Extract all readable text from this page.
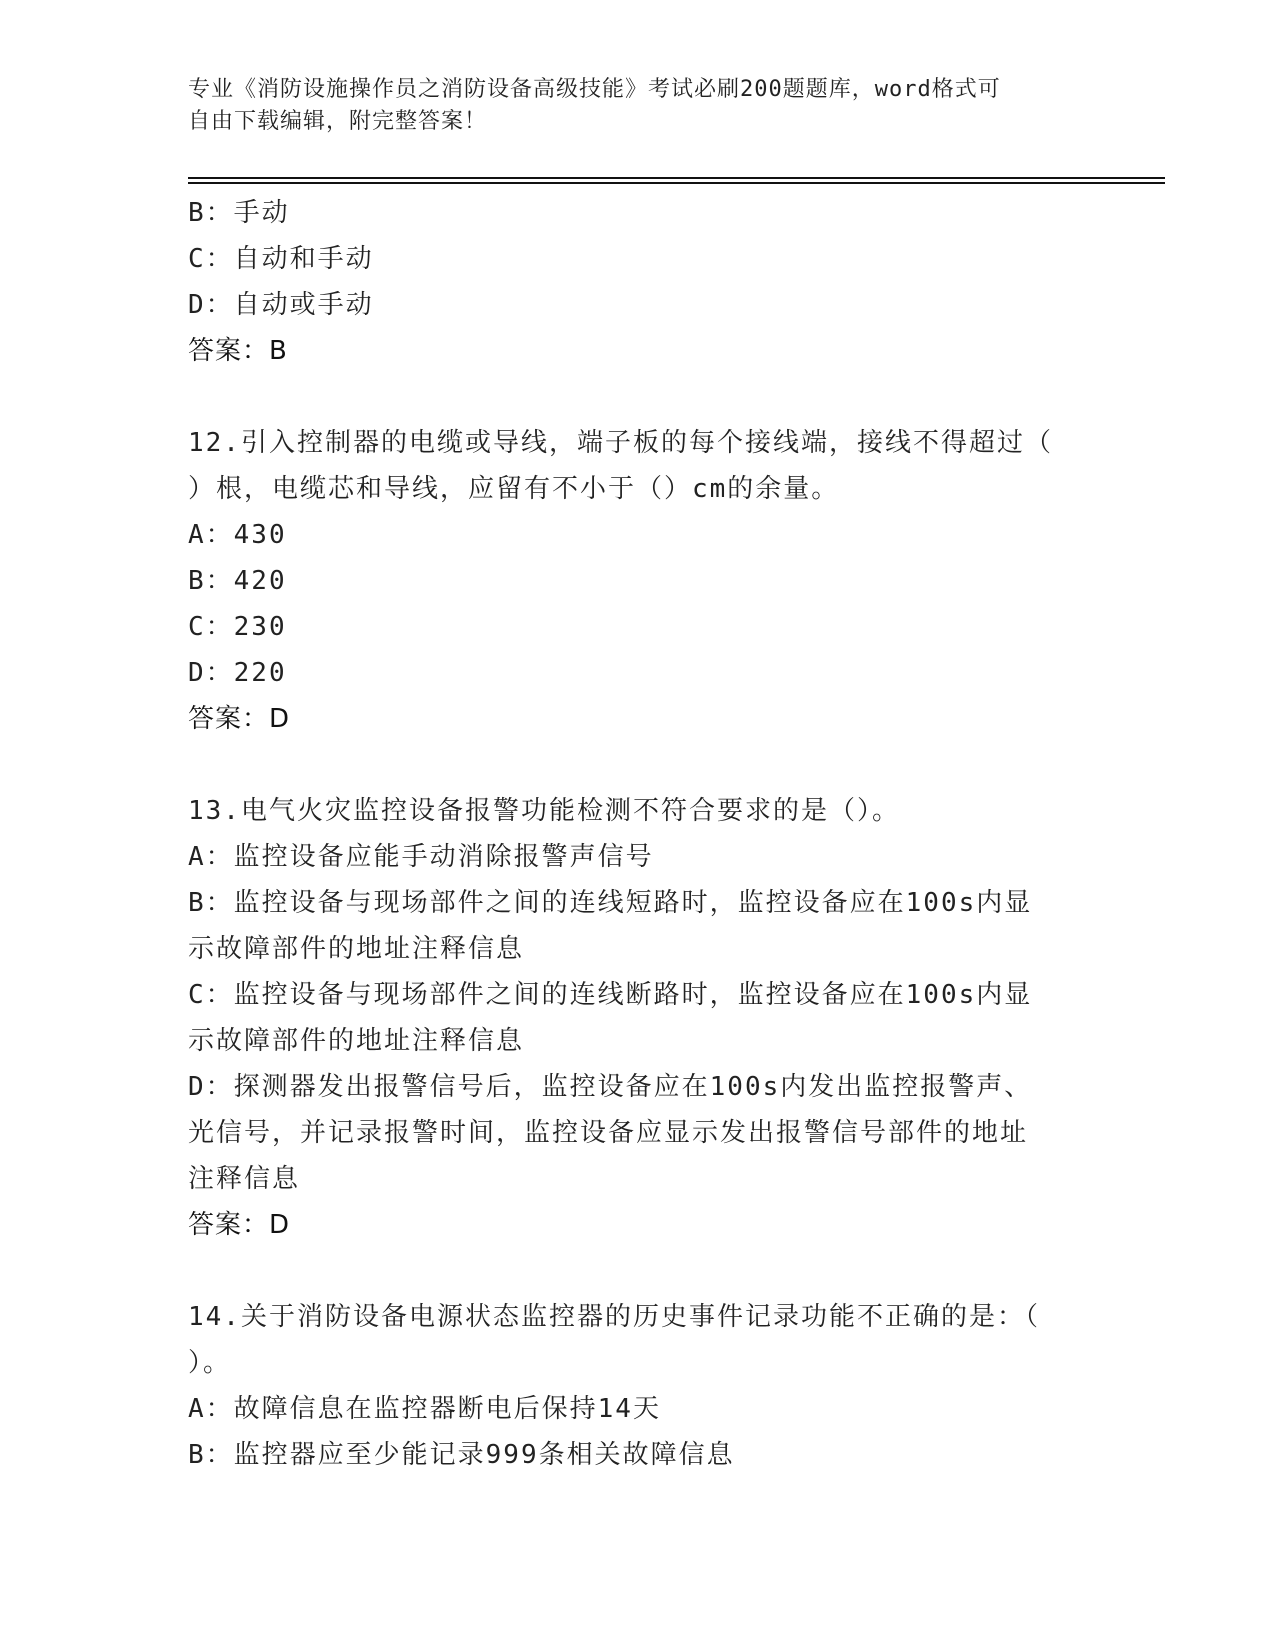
专业《消防设施操作员之消防设备高级技能》考试必刷200题题库，word格式可
自由下载编辑，附完整答案！
B：手动
C：自动和手动
D：自动或手动
答案：B
12.引入控制器的电缆或导线，端子板的每个接线端，接线不得超过（
）根，电缆芯和导线，应留有不小于（）cm的余量。
A：430
B：420
C：230
D：220
答案：D
13.电气火灾监控设备报警功能检测不符合要求的是（）。
A：监控设备应能手动消除报警声信号
B：监控设备与现场部件之间的连线短路时，监控设备应在100s内显
示故障部件的地址注释信息
C：监控设备与现场部件之间的连线断路时，监控设备应在100s内显
示故障部件的地址注释信息
D：探测器发出报警信号后，监控设备应在100s内发出监控报警声、
光信号，并记录报警时间，监控设备应显示发出报警信号部件的地址
注释信息
答案：D
14.关于消防设备电源状态监控器的历史事件记录功能不正确的是：（
）。
A：故障信息在监控器断电后保持14天
B：监控器应至少能记录999条相关故障信息
